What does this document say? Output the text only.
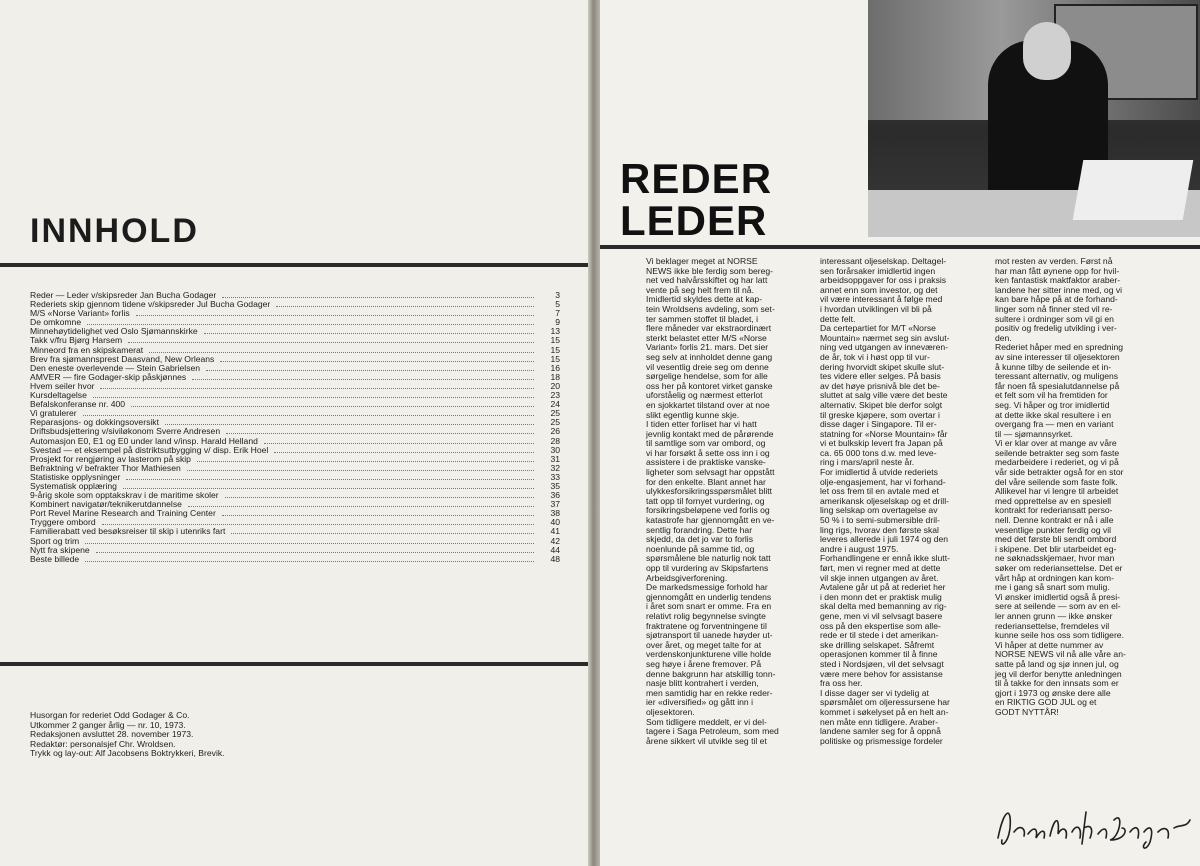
INNHOLD
Reder — Leder v/skipsreder Jan Bucha Godager	3
Rederiets skip gjennom tidene v/skipsreder Jul Bucha Godager	5
M/S «Norse Variant» forlis	7
De omkomne	9
Minnehøytidelighet ved Oslo Sjømannskirke	13
Takk v/fru Bjørg Harsem	15
Minneord fra en skipskamerat	15
Brev fra sjømannsprest Daasvand, New Orleans	15
Den eneste overlevende — Stein Gabrielsen	16
AMVER — fire Godager-skip påskjønnes	18
Hvem seiler hvor	20
Kursdeltagelse	23
Befalskonferanse nr. 400	24
Vi gratulerer	25
Reparasjons- og dokkingsoversikt	25
Driftsbudsjettering v/siviløkonom Sverre Andresen	26
Automasjon E0, E1 og E0 under land v/insp. Harald Helland	28
Svestad — et eksempel på distriktsutbygging v/ disp. Erik Hoel	30
Prosjekt for rengjøring av lasterom på skip	31
Befraktning v/ befrakter Thor Mathiesen	32
Statistiske opplysninger	33
Systematisk opplæring	35
9-årig skole som opptakskrav i de maritime skoler	36
Kombinert navigatør/teknikerutdannelse	37
Port Revel Marine Research and Training Center	38
Tryggere ombord	40
Familierabatt ved besøksreiser til skip i utenriks fart	41
Sport og trim	42
Nytt fra skipene	44
Beste billede	48
Husorgan for rederiet Odd Godager & Co.
Utkommer 2 ganger årlig — nr. 10, 1973.
Redaksjonen avsluttet 28. november 1973.
Redaktør: personalsjef Chr. Wroldsen.
Trykk og lay-out: Alf Jacobsens Boktrykkeri, Brevik.
REDER
LEDER

Vi beklager meget at NORSE

NEWS ikke ble ferdig som bereg-

net ved halvårsskiftet og har latt

vente på seg helt frem til nå.

Imidlertid skyldes dette at kap-

tein Wroldsens avdeling, som set-

ter sammen stoffet til bladet, i

flere måneder var ekstraordinært

sterkt belastet etter M/S «Norse

Variant» forlis 21. mars. Det sier

seg selv at innholdet denne gang

vil vesentlig dreie seg om denne

sørgelige hendelse, som for alle

oss her på kontoret virket ganske

uforståelig og nærmest etterlot

en sjokkartet tilstand over at noe

slikt egentlig kunne skje.

I tiden etter forliset har vi hatt

jevnlig kontakt med de pårørende

til samtlige som var ombord, og

vi har forsøkt å sette oss inn i og

assistere i de praktiske vanske-

ligheter som selvsagt har oppstått

for den enkelte. Blant annet har

ulykkesforsikringsspørsmålet blitt

tatt opp til fornyet vurdering, og

forsikringsbeløpene ved forlis og

katastrofe har gjennomgått en ve-

sentlig forandring. Dette har

skjedd, da det jo var to forlis

noenlunde på samme tid, og

spørsmålene ble naturlig nok tatt

opp til vurdering av Skipsfartens

Arbeidsgiverforening.

De markedsmessige forhold har

gjennomgått en underlig tendens

i året som snart er omme. Fra en

relativt rolig begynnelse svingte

fraktratene og forventningene til

sjøtransport til uanede høyder ut-

over året, og meget talte for at

verdenskonjunkturene ville holde

seg høye i årene fremover. På

denne bakgrunn har atskillig tonn-

nasje blitt kontrahert i verden,

men samtidig har en rekke reder-

ier «diversified» og gått inn i

oljesektoren.

Som tidligere meddelt, er vi del-

tagere i Saga Petroleum, som med

årene sikkert vil utvikle seg til et

interessant oljeselskap. Deltagel-

sen forårsaker imidlertid ingen

arbeidsoppgaver for oss i praksis

annet enn som investor, og det

vil være interessant å følge med

i hvordan utviklingen vil bli på

dette felt.

Da certepartiet for M/T «Norse

Mountain» nærmet seg sin avslut-

ning ved utgangen av inneværen-

de år, tok vi i høst opp til vur-

dering hvorvidt skipet skulle slut-

tes videre eller selges. På basis

av det høye prisnivå ble det be-

sluttet at salg ville være det beste

alternativ. Skipet ble derfor solgt

til greske kjøpere, som overtar i

disse dager i Singapore. Til er-

statning for «Norse Mountain» får

vi et bulkskip levert fra Japan på

ca. 65 000 tons d.w. med leve-

ring i mars/april neste år.

For imidlertid å utvide rederiets

olje-engasjement, har vi forhand-

let oss frem til en avtale med et

amerikansk oljeselskap og et drill-

ling selskap om overtagelse av

50 % i to semi-submersible dril-

ling rigs, hvorav den første skal

leveres allerede i juli 1974 og den

andre i august 1975.

Forhandlingene er ennå ikke slutt-

ført, men vi regner med at dette

vil skje innen utgangen av året.

Avtalene går ut på at rederiet her

i den monn det er praktisk mulig

skal delta med bemanning av rig-

gene, men vi vil selvsagt basere

oss på den ekspertise som alle-

rede er til stede i det amerikan-

ske drilling selskapet. Såfremt

operasjonen kommer til å finne

sted i Nordsjøen, vil det selvsagt

være mere behov for assistanse

fra oss her.

I disse dager ser vi tydelig at

spørsmålet om oljeressursene har

kommet i søkelyset på en helt an-

nen måte enn tidligere. Araber-

landene samler seg for å oppnå

politiske og prismessige fordeler

mot resten av verden. Først nå

har man fått øynene opp for hvil-

ken fantastisk maktfaktor araber-

landene her sitter inne med, og vi

kan bare håpe på at de forhand-

linger som nå finner sted vil re-

sultere i ordninger som vil gi en

positiv og fredelig utvikling i ver-

den.

Rederiet håper med en spredning

av sine interesser til oljesektoren

å kunne tilby de seilende et in-

teressant alternativ, og muligens

får noen få spesialutdannelse på

et felt som vil ha fremtiden for

seg. Vi håper og tror imidlertid

at dette ikke skal resultere i en

overgang fra — men en variant

til — sjømannsyrket.

Vi er klar over at mange av våre

seilende betrakter seg som faste

medarbeidere i rederiet, og vi på

vår side betrakter også for en stor

del våre seilende som faste folk.

Allikevel har vi lengre til arbeidet

med opprettelse av en spesiell

kontrakt for rederiansatt perso-

nell. Denne kontrakt er nå i alle

vesentlige punkter ferdig og vil

med det første bli sendt ombord

i skipene. Det blir utarbeidet eg-

ne søknadsskjemaer, hvor man

søker om rederiansettelse. Det er

vårt håp at ordningen kan kom-

me i gang så snart som mulig.

Vi ønsker imidlertid også å presi-

sere at seilende — som av en el-

ler annen grunn — ikke ønsker

rederiansettelse, fremdeles vil

kunne seile hos oss som tidligere.

Vi håper at dette nummer av

NORSE NEWS vil nå alle våre an-

satte på land og sjø innen jul, og

jeg vil derfor benytte anledningen

til å takke for den innsats som er

gjort i 1973 og ønske dere alle

en RIKTIG GOD JUL og et

GODT NYTTÅR!
